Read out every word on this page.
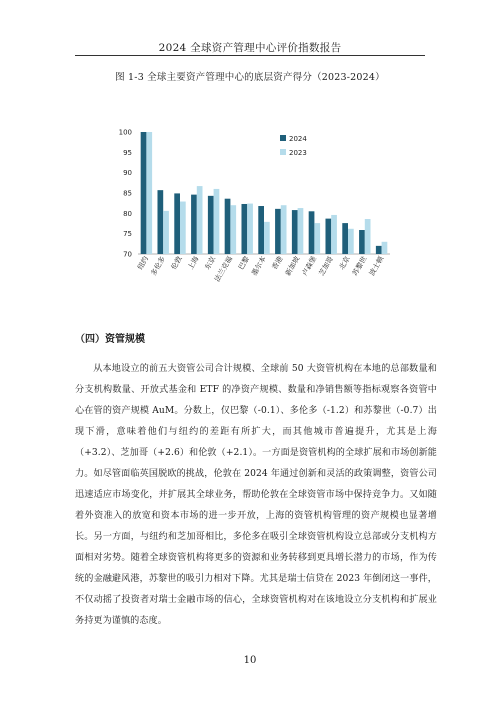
2024 全球资产管理中心评价指数报告
图 1-3 全球主要资产管理中心的底层资产得分（2023-2024）
70
75
80
85
90
95
100
纽约 多伦多 伦敦 上海 东京
法兰克福 巴黎 墨尔本 香港 新加坡 卢森堡 芝加哥 北京 苏黎世 波士顿
2024
2023
（四）资管规模
从本地设立的前五大资管公司合计规模、全球前 50 大资管机构在本地的总部数量和分支机构数量、开放式基金和 ETF 的净资产规模、数量和净销售额等指标观察各资管中心在管的资产规模 AuM。分数上，仅巴黎（-0.1）、多伦多（-1.2）和苏黎世（-0.7）出现下滑，意味着他们与纽约的差距有所扩大，而其他城市普遍提升，尤其是上海（+3.2）、芝加哥（+2.6）和伦敦（+2.1）。一方面是资管机构的全球扩展和市场创新能力。如尽管面临英国脱欧的挑战，伦敦在 2024 年通过创新和灵活的政策调整，资管公司迅速适应市场变化，并扩展其全球业务，帮助伦敦在全球资管市场中保持竞争力。又如随着外资准入的放宽和资本市场的进一步开放，上海的资管机构管理的资产规模也显著增长。另一方面，与纽约和芝加哥相比，多伦多在吸引全球资管机构设立总部或分支机构方面相对劣势。随着全球资管机构将更多的资源和业务转移到更具增长潜力的市场，作为传统的金融避风港，苏黎世的吸引力相对下降。尤其是瑞士信贷在 2023 年倒闭这一事件，不仅动摇了投资者对瑞士金融市场的信心，全球资管机构对在该地设立分支机构和扩展业务持更为谨慎的态度。
10
